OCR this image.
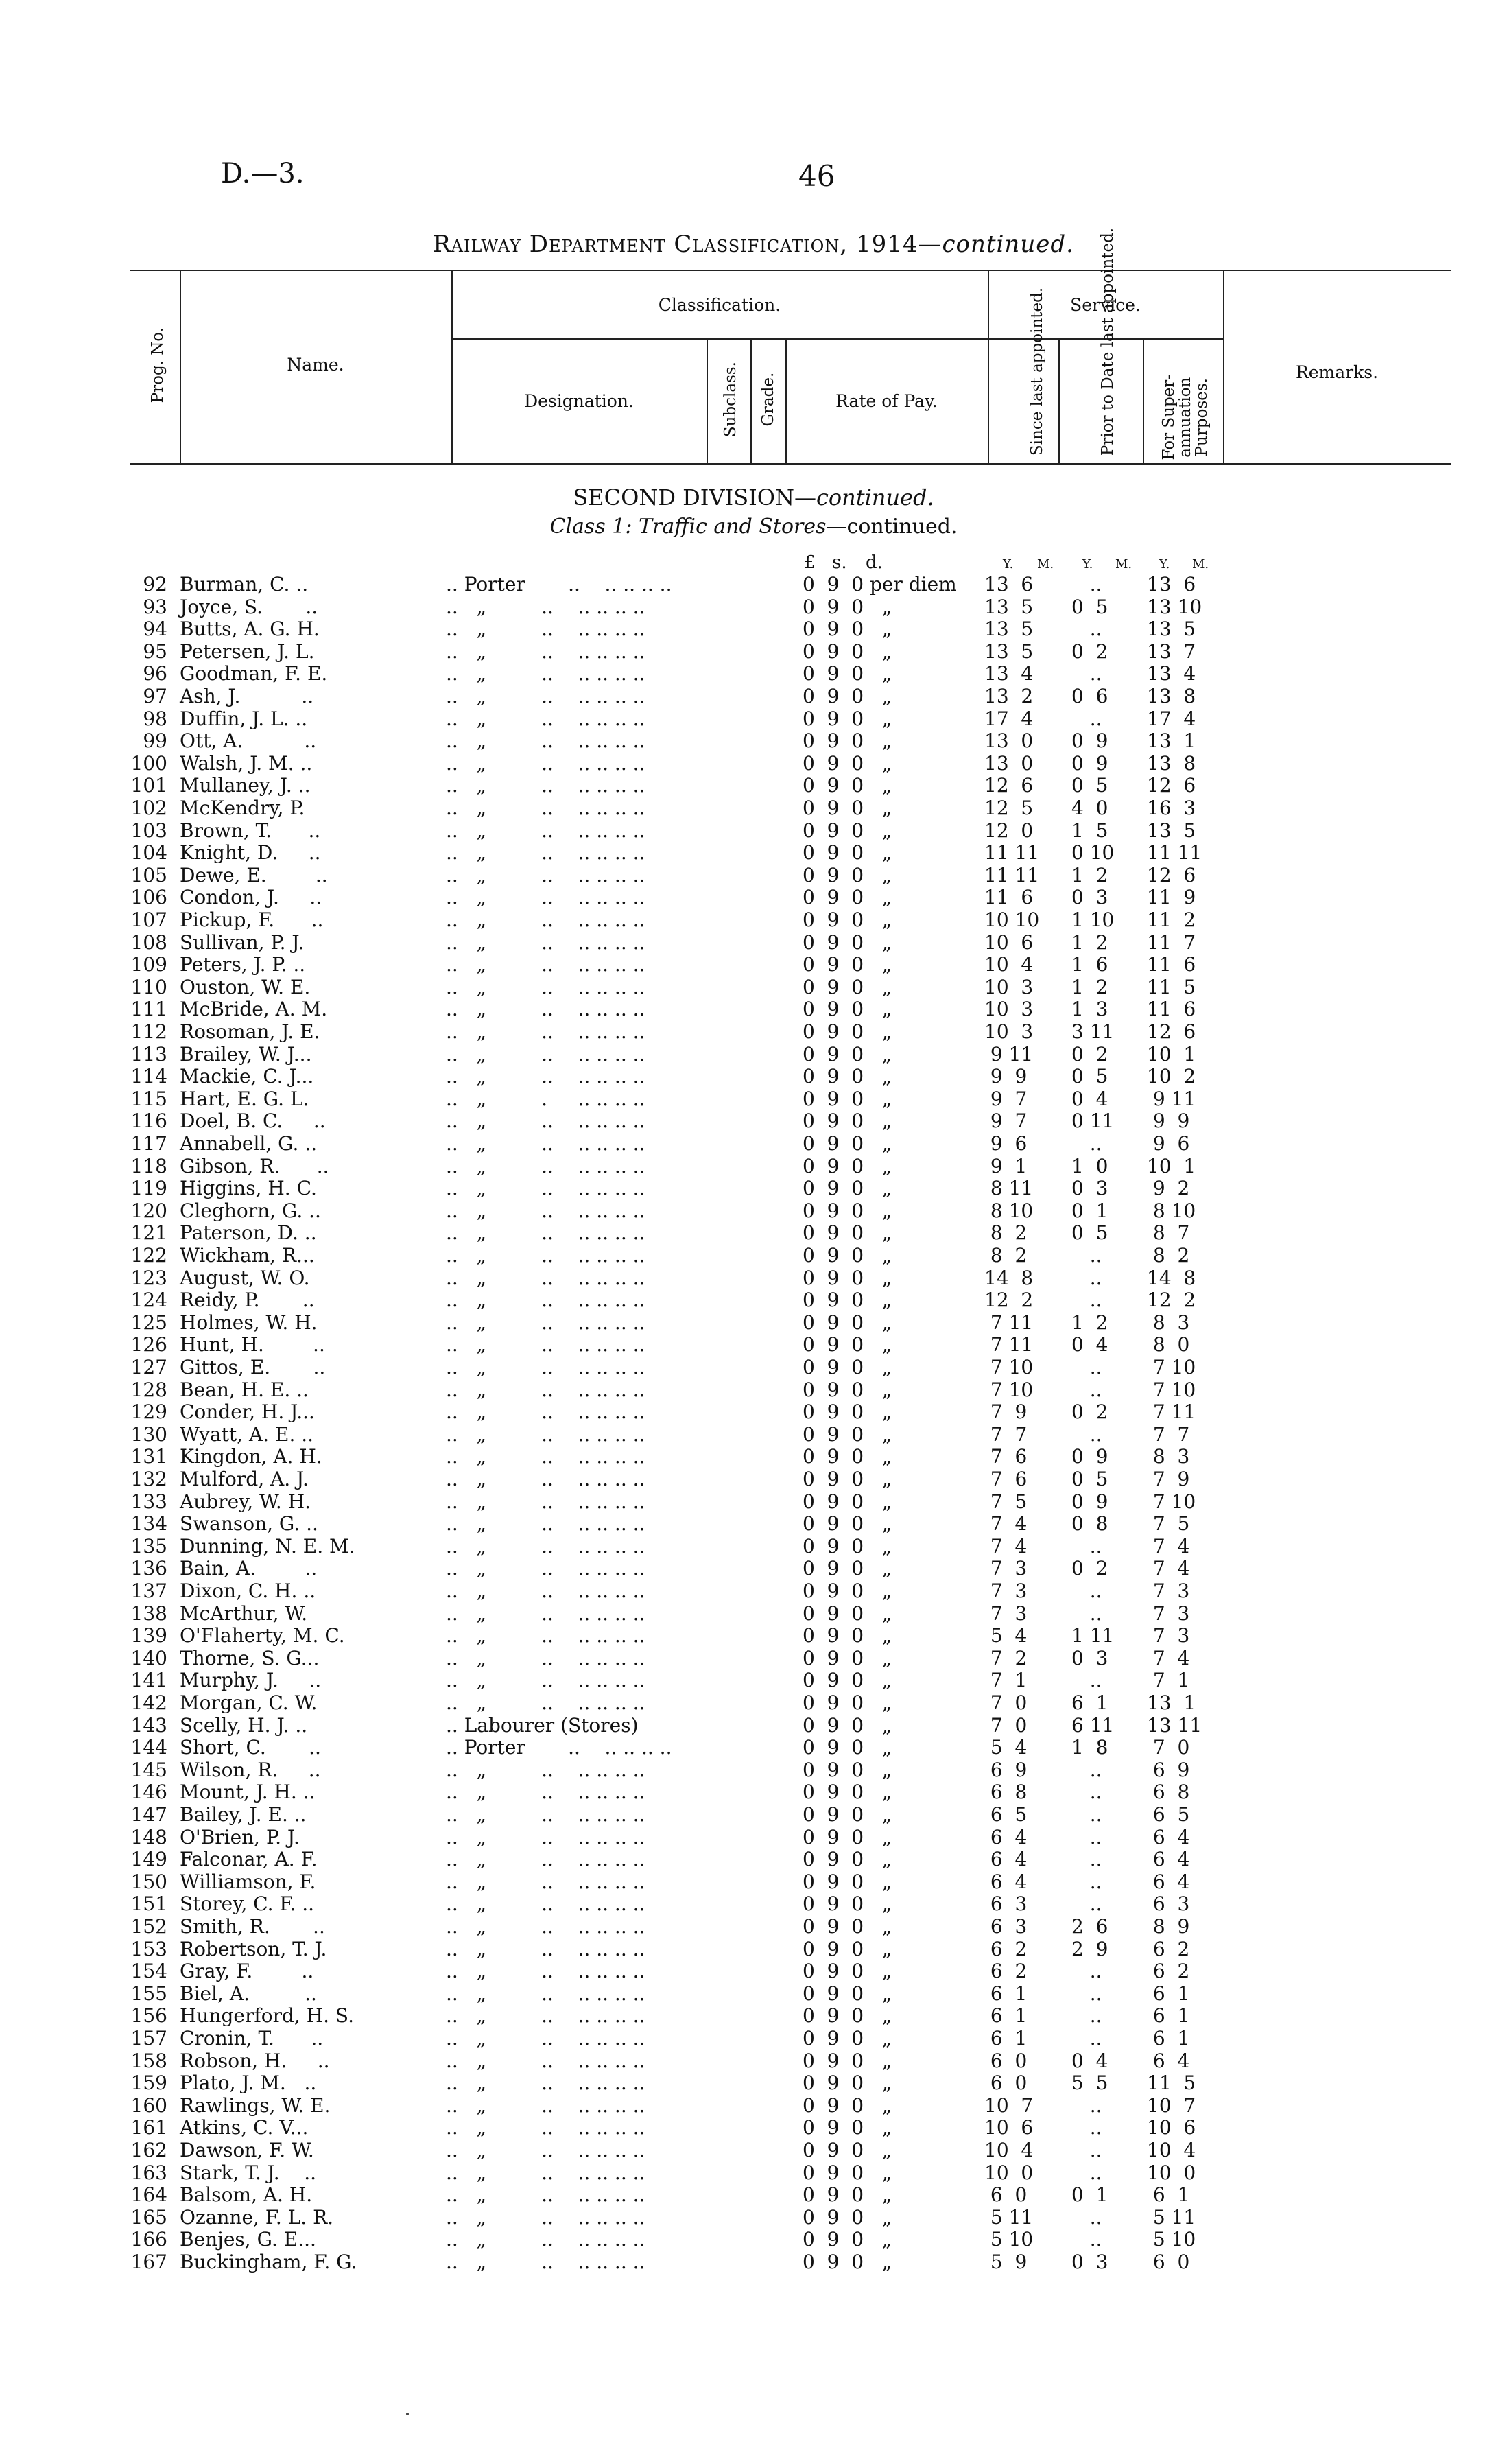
D.—3.	46
Railway Department Classification, 1914—continued.
Prog. No.	Name.
Classification.
Designation.	Subclass. Grade.	Rate of Pay.
Service.
Since last appointed.	Prior to Date last appointed.	For Super-annuation Purposes.
Remarks.
SECOND DIVISION—continued.
Class 1: Traffic and Stores—continued.
£ s. d.	Y. M. Y. M. Y. M.
92 Burman, C. ..	.. Porter       ..    .. .. .. ..	0  9  0 per diem 13  6	..	13  6
93 Joyce, S.       ..	..   „         ..    .. .. .. ..	0  9  0   „	13  5	0  5	13 10
94 Butts, A. G. H.	..   „         ..    .. .. .. ..	0  9  0   „	13  5	..	13  5
95 Petersen, J. L.	..   „         ..    .. .. .. ..	0  9  0   „	13  5	0  2	13  7
96 Goodman, F. E.	..   „         ..    .. .. .. ..	0  9  0   „	13  4	..	13  4
97 Ash, J.          ..	..   „         ..    .. .. .. ..	0  9  0   „	13  2	0  6	13  8
98 Duffin, J. L. ..	..   „         ..    .. .. .. ..	0  9  0   „	17  4	..	17  4
99 Ott, A.          ..	..   „         ..    .. .. .. ..	0  9  0   „	13  0	0  9	13  1
100 Walsh, J. M. ..	..   „         ..    .. .. .. ..	0  9  0   „	13  0	0  9	13  8
101 Mullaney, J. ..	..   „         ..    .. .. .. ..	0  9  0   „	12  6	0  5	12  6
102 McKendry, P.	..   „         ..    .. .. .. ..	0  9  0   „	12  5	4  0	16  3
103 Brown, T.      ..	..   „         ..    .. .. .. ..	0  9  0   „	12  0	1  5	13  5
104 Knight, D.     ..	..   „         ..    .. .. .. ..	0  9  0   „	11 11	0 10	11 11
105 Dewe, E.        ..	..   „         ..    .. .. .. ..	0  9  0   „	11 11	1  2	12  6
106 Condon, J.     ..	..   „         ..    .. .. .. ..	0  9  0   „	11  6	0  3	11  9
107 Pickup, F.      ..	..   „         ..    .. .. .. ..	0  9  0   „	10 10	1 10	11  2
108 Sullivan, P. J.	..   „         ..    .. .. .. ..	0  9  0   „	10  6	1  2	11  7
109 Peters, J. P. ..	..   „         ..    .. .. .. ..	0  9  0   „	10  4	1  6	11  6
110 Ouston, W. E.	..   „         ..    .. .. .. ..	0  9  0   „	10  3	1  2	11  5
111 McBride, A. M.	..   „         ..    .. .. .. ..	0  9  0   „	10  3	1  3	11  6
112 Rosoman, J. E.	..   „         ..    .. .. .. ..	0  9  0   „	10  3	3 11	12  6
113 Brailey, W. J...	..   „         ..    .. .. .. ..	0  9  0   „	9 11	0  2	10  1
114 Mackie, C. J...	..   „         ..    .. .. .. ..	0  9  0   „	9  9	0  5	10  2
115 Hart, E. G. L.	..   „         .     .. .. .. ..	0  9  0   „	9  7	0  4	9 11
116 Doel, B. C.     ..	..   „         ..    .. .. .. ..	0  9  0   „	9  7	0 11	9  9
117 Annabell, G. ..	..   „         ..    .. .. .. ..	0  9  0   „	9  6	..	9  6
118 Gibson, R.      ..	..   „         ..    .. .. .. ..	0  9  0   „	9  1	1  0	10  1
119 Higgins, H. C.	..   „         ..    .. .. .. ..	0  9  0   „	8 11	0  3	9  2
120 Cleghorn, G. ..	..   „         ..    .. .. .. ..	0  9  0   „	8 10	0  1	8 10
121 Paterson, D. ..	..   „         ..    .. .. .. ..	0  9  0   „	8  2	0  5	8  7
122 Wickham, R...	..   „         ..    .. .. .. ..	0  9  0   „	8  2	..	8  2
123 August, W. O.	..   „         ..    .. .. .. ..	0  9  0   „	14  8	..	14  8
124 Reidy, P.       ..	..   „         ..    .. .. .. ..	0  9  0   „	12  2	..	12  2
125 Holmes, W. H.	..   „         ..    .. .. .. ..	0  9  0   „	7 11	1  2	8  3
126 Hunt, H.        ..	..   „         ..    .. .. .. ..	0  9  0   „	7 11	0  4	8  0
127 Gittos, E.       ..	..   „         ..    .. .. .. ..	0  9  0   „	7 10	..	7 10
128 Bean, H. E. ..	..   „         ..    .. .. .. ..	0  9  0   „	7 10	..	7 10
129 Conder, H. J...	..   „         ..    .. .. .. ..	0  9  0   „	7  9	0  2	7 11
130 Wyatt, A. E. ..	..   „         ..    .. .. .. ..	0  9  0   „	7  7	..	7  7
131 Kingdon, A. H.	..   „         ..    .. .. .. ..	0  9  0   „	7  6	0  9	8  3
132 Mulford, A. J.	..   „         ..    .. .. .. ..	0  9  0   „	7  6	0  5	7  9
133 Aubrey, W. H.	..   „         ..    .. .. .. ..	0  9  0   „	7  5	0  9	7 10
134 Swanson, G. ..	..   „         ..    .. .. .. ..	0  9  0   „	7  4	0  8	7  5
135 Dunning, N. E. M.	..   „         ..    .. .. .. ..	0  9  0   „	7  4	..	7  4
136 Bain, A.        ..	..   „         ..    .. .. .. ..	0  9  0   „	7  3	0  2	7  4
137 Dixon, C. H. ..	..   „         ..    .. .. .. ..	0  9  0   „	7  3	..	7  3
138 McArthur, W.	..   „         ..    .. .. .. ..	0  9  0   „	7  3	..	7  3
139 O'Flaherty, M. C.	..   „         ..    .. .. .. ..	0  9  0   „	5  4	1 11	7  3
140 Thorne, S. G...	..   „         ..    .. .. .. ..	0  9  0   „	7  2	0  3	7  4
141 Murphy, J.     ..	..   „         ..    .. .. .. ..	0  9  0   „	7  1	..	7  1
142 Morgan, C. W.	..   „         ..    .. .. .. ..	0  9  0   „	7  0	6  1	13  1
143 Scelly, H. J. ..	.. Labourer (Stores)	0  9  0   „	7  0	6 11	13 11
144 Short, C.       ..	.. Porter       ..    .. .. .. ..	0  9  0   „	5  4	1  8	7  0
145 Wilson, R.     ..	..   „         ..    .. .. .. ..	0  9  0   „	6  9	..	6  9
146 Mount, J. H. ..	..   „         ..    .. .. .. ..	0  9  0   „	6  8	..	6  8
147 Bailey, J. E. ..	..   „         ..    .. .. .. ..	0  9  0   „	6  5	..	6  5
148 O'Brien, P. J.	..   „         ..    .. .. .. ..	0  9  0   „	6  4	..	6  4
149 Falconar, A. F.	..   „         ..    .. .. .. ..	0  9  0   „	6  4	..	6  4
150 Williamson, F.	..   „         ..    .. .. .. ..	0  9  0   „	6  4	..	6  4
151 Storey, C. F. ..	..   „         ..    .. .. .. ..	0  9  0   „	6  3	..	6  3
152 Smith, R.       ..	..   „         ..    .. .. .. ..	0  9  0   „	6  3	2  6	8  9
153 Robertson, T. J.	..   „         ..    .. .. .. ..	0  9  0   „	6  2	2  9	6  2
154 Gray, F.        ..	..   „         ..    .. .. .. ..	0  9  0   „	6  2	..	6  2
155 Biel, A.         ..	..   „         ..    .. .. .. ..	0  9  0   „	6  1	..	6  1
156 Hungerford, H. S.	..   „         ..    .. .. .. ..	0  9  0   „	6  1	..	6  1
157 Cronin, T.      ..	..   „         ..    .. .. .. ..	0  9  0   „	6  1	..	6  1
158 Robson, H.     ..	..   „         ..    .. .. .. ..	0  9  0   „	6  0	0  4	6  4
159 Plato, J. M.   ..	..   „         ..    .. .. .. ..	0  9  0   „	6  0	5  5	11  5
160 Rawlings, W. E.	..   „         ..    .. .. .. ..	0  9  0   „	10  7	..	10  7
161 Atkins, C. V...	..   „         ..    .. .. .. ..	0  9  0   „	10  6	..	10  6
162 Dawson, F. W.	..   „         ..    .. .. .. ..	0  9  0   „	10  4	..	10  4
163 Stark, T. J.    ..	..   „         ..    .. .. .. ..	0  9  0   „	10  0	..	10  0
164 Balsom, A. H.	..   „         ..    .. .. .. ..	0  9  0   „	6  0	0  1	6  1
165 Ozanne, F. L. R.	..   „         ..    .. .. .. ..	0  9  0   „	5 11	..	5 11
166 Benjes, G. E...	..   „         ..    .. .. .. ..	0  9  0   „	5 10	..	5 10
167 Buckingham, F. G.	..   „         ..    .. .. .. ..	0  9  0   „	5  9	0  3	6  0
